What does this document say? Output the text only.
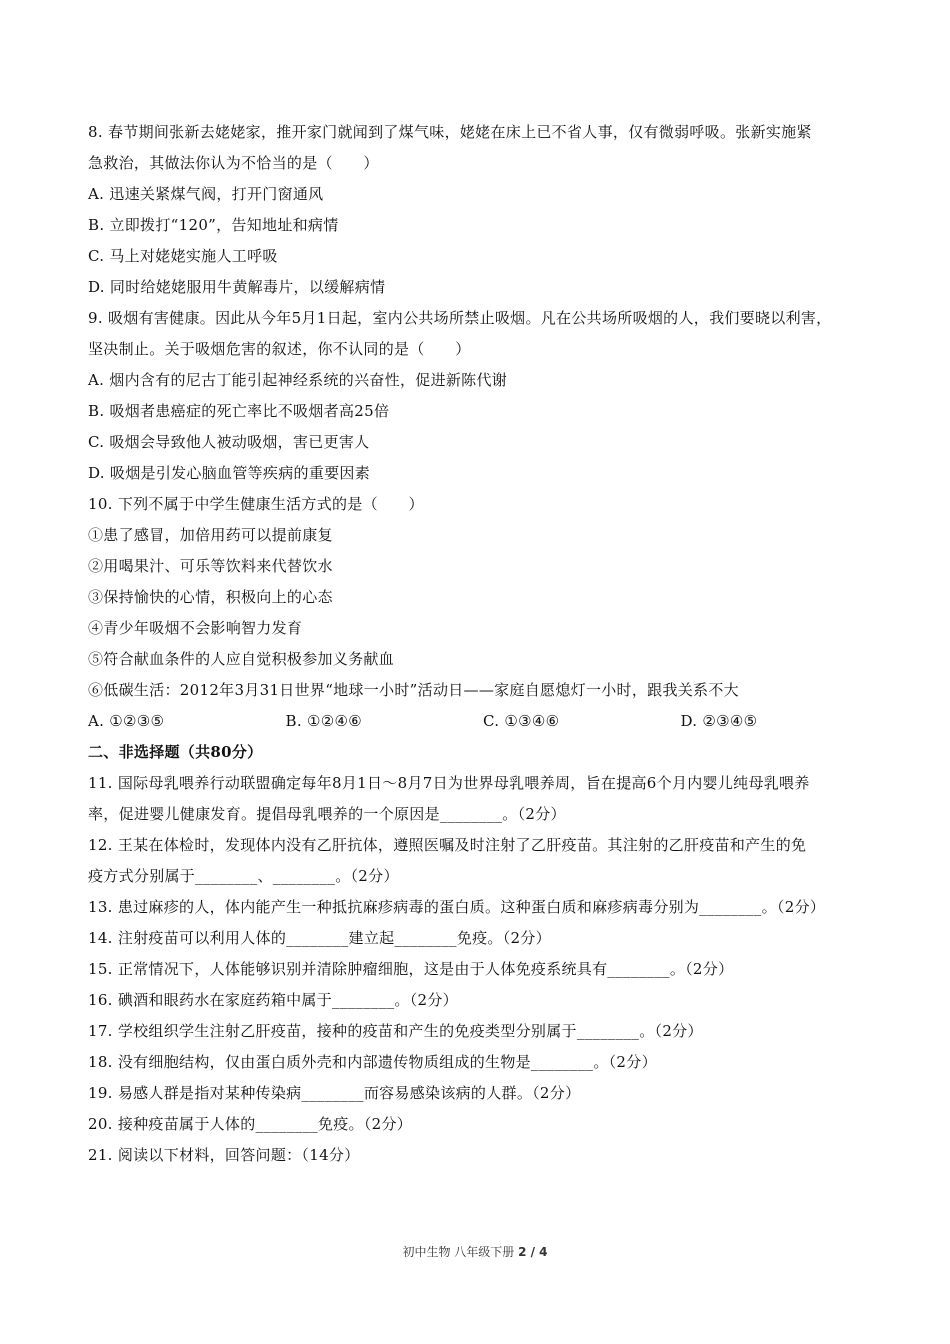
8. 春节期间张新去姥姥家，推开家门就闻到了煤气味，姥姥在床上已不省人事，仅有微弱呼吸。张新实施紧
急救治，其做法你认为不恰当的是（　　）
A. 迅速关紧煤气阀，打开门窗通风
B. 立即拨打“120”，告知地址和病情
C. 马上对姥姥实施人工呼吸
D. 同时给姥姥服用牛黄解毒片，以缓解病情
9. 吸烟有害健康。因此从今年5月1日起，室内公共场所禁止吸烟。凡在公共场所吸烟的人，我们要晓以利害，
坚决制止。关于吸烟危害的叙述，你不认同的是（　　）
A. 烟内含有的尼古丁能引起神经系统的兴奋性，促进新陈代谢
B. 吸烟者患癌症的死亡率比不吸烟者高25倍
C. 吸烟会导致他人被动吸烟，害已更害人
D. 吸烟是引发心脑血管等疾病的重要因素
10. 下列不属于中学生健康生活方式的是（　　）
①患了感冒，加倍用药可以提前康复
②用喝果汁、可乐等饮料来代替饮水
③保持愉快的心情，积极向上的心态
④青少年吸烟不会影响智力发育
⑤符合献血条件的人应自觉积极参加义务献血
⑥低碳生活：2012年3月31日世界“地球一小时”活动日——家庭自愿熄灯一小时，跟我关系不大
A. ①②③⑤	B. ①②④⑥	C. ①③④⑥	D. ②③④⑤
二、非选择题（共80分）
11. 国际母乳喂养行动联盟确定每年8月1日～8月7日为世界母乳喂养周，旨在提高6个月内婴儿纯母乳喂养
率，促进婴儿健康发育。提倡母乳喂养的一个原因是________。（2分）
12. 王某在体检时，发现体内没有乙肝抗体，遵照医嘱及时注射了乙肝疫苗。其注射的乙肝疫苗和产生的免
疫方式分别属于________、________。（2分）
13. 患过麻疹的人，体内能产生一种抵抗麻疹病毒的蛋白质。这种蛋白质和麻疹病毒分别为________。（2分）
14. 注射疫苗可以利用人体的________建立起________免疫。（2分）
15. 正常情况下，人体能够识别并清除肿瘤细胞，这是由于人体免疫系统具有________。（2分）
16. 碘酒和眼药水在家庭药箱中属于________。（2分）
17. 学校组织学生注射乙肝疫苗，接种的疫苗和产生的免疫类型分别属于________。（2分）
18. 没有细胞结构，仅由蛋白质外壳和内部遗传物质组成的生物是________。（2分）
19. 易感人群是指对某种传染病________而容易感染该病的人群。（2分）
20. 接种疫苗属于人体的________免疫。（2分）
21. 阅读以下材料，回答问题：（14分）
初中生物 八年级下册 2 / 4
